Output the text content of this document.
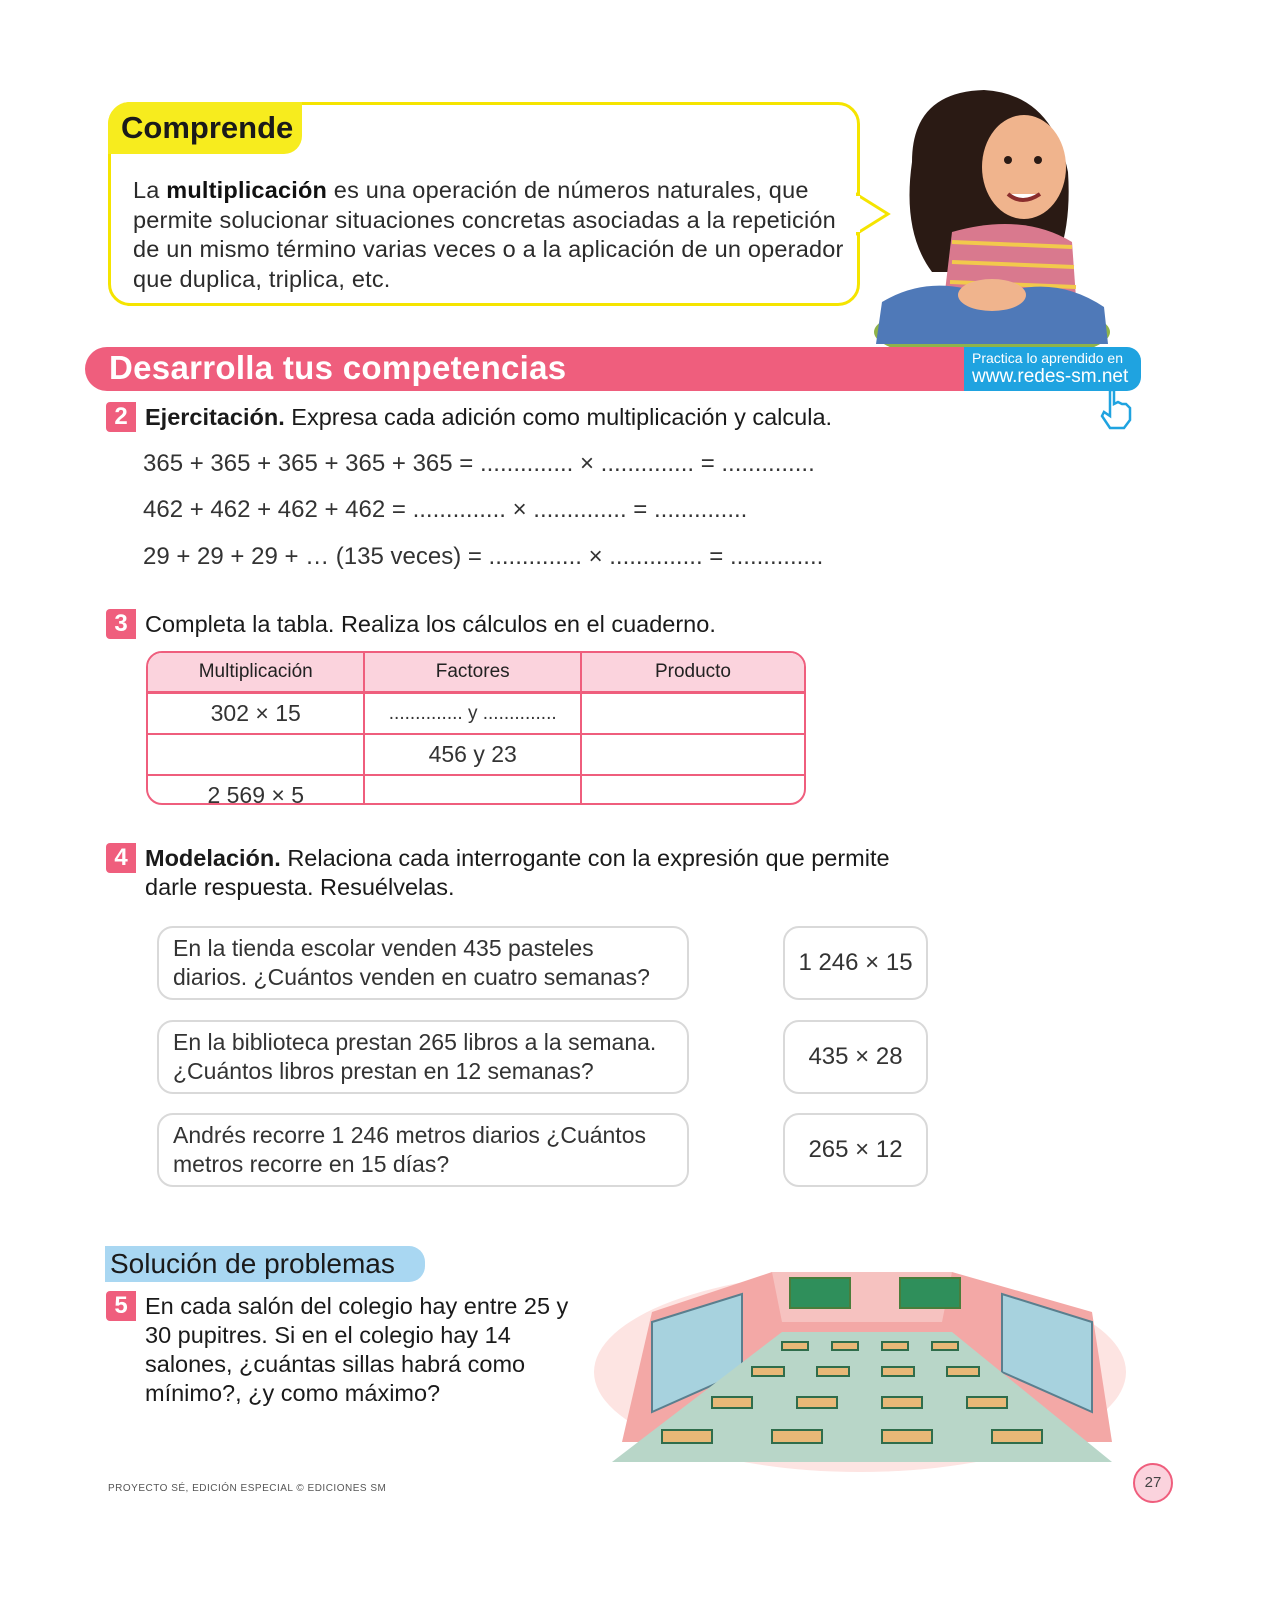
Comprende
La multiplicación es una operación de números naturales, que permite solucionar situaciones concretas asociadas a la repetición de un mismo término varias veces o a la aplicación de un operador que duplica, triplica, etc.
Desarrolla tus competencias	Practica lo aprendido en
www.redes-sm.net
2 Ejercitación. Expresa cada adición como multiplicación y calcula.
365 + 365 + 365 + 365 + 365 = .............. × .............. = ..............
462 + 462 + 462 + 462 = .............. × .............. = ..............
29 + 29 + 29 + … (135 veces) = .............. × .............. = ..............
3 Completa la tabla. Realiza los cálculos en el cuaderno.
Multiplicación	Factores	Producto
302 × 15	.............. y ..............	
	456 y 23	
2 569 × 5		
4 Modelación. Relaciona cada interrogante con la expresión que permite darle respuesta. Resuélvelas.
En la tienda escolar venden 435 pasteles diarios. ¿Cuántos venden en cuatro semanas?
En la biblioteca prestan 265 libros a la semana. ¿Cuántos libros prestan en 12 semanas?
Andrés recorre 1 246 metros diarios ¿Cuántos metros recorre en 15 días?
1 246 × 15
435 × 28
265 × 12
Solución de problemas
5 En cada salón del colegio hay entre 25 y 30 pupitres. Si en el colegio hay 14 salones, ¿cuántas sillas habrá como mínimo?, ¿y como máximo?
PROYECTO SÉ, EDICIÓN ESPECIAL © EDICIONES SM	27
